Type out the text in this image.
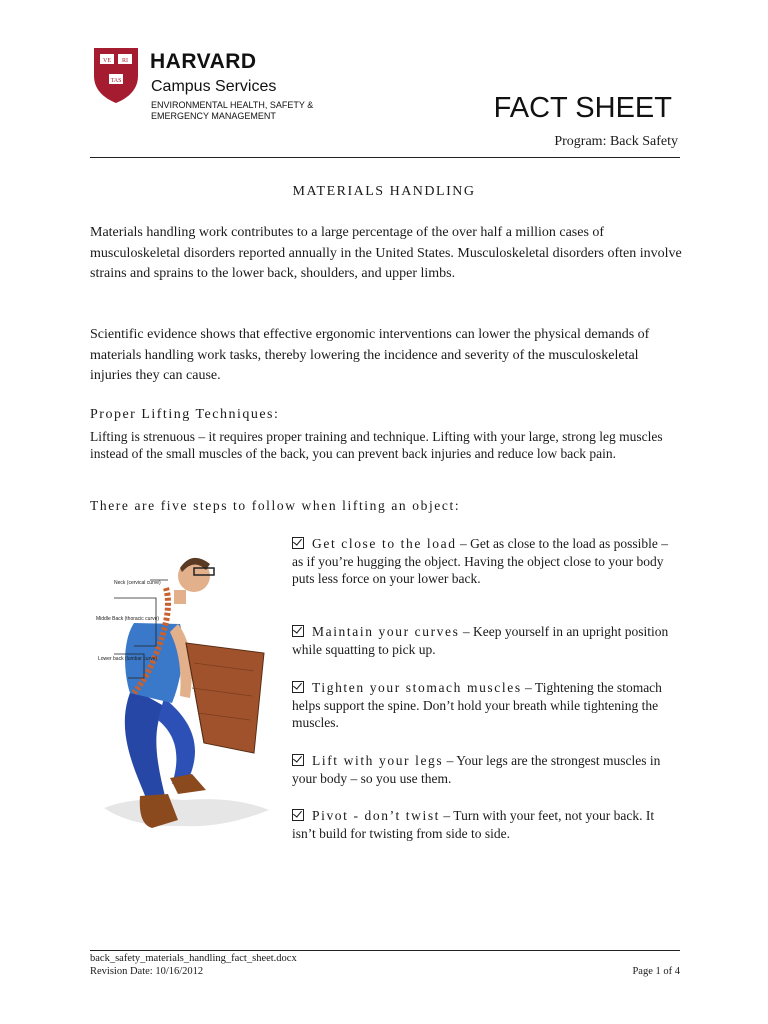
VE RI
TAS
HARVARD
Campus Services
ENVIRONMENTAL HEALTH, SAFETY &
EMERGENCY MANAGEMENT	FACT SHEET
Program: Back Safety
MATERIALS HANDLING
Materials handling work contributes to a large percentage of the over half a million cases of musculoskeletal disorders reported annually in the United States. Musculoskeletal disorders often involve strains and sprains to the lower back, shoulders, and upper limbs.
Scientific evidence shows that effective ergonomic interventions can lower the physical demands of materials handling work tasks, thereby lowering the incidence and severity of the musculoskeletal injuries they can cause.
Proper Lifting Techniques:
Lifting is strenuous – it requires proper training and technique. Lifting with your large, strong leg muscles instead of the small muscles of the back, you can prevent back injuries and reduce low back pain.
There are five steps to follow when lifting an object:
Neck (cervical curve)
Middle Back (thoracic curve)
Lower back (lumbar curve)
Get close to the load – Get as close to the load as possible – as if you’re hugging the object. Having the object close to your body puts less force on your lower back.
Maintain your curves – Keep yourself in an upright position while squatting to pick up.
Tighten your stomach muscles – Tightening the stomach helps support the spine. Don’t hold your breath while tightening the muscles.
Lift with your legs – Your legs are the strongest muscles in your body – so you use them.
Pivot - don’t twist – Turn with your feet, not your back. It isn’t build for twisting from side to side.
back_safety_materials_handling_fact_sheet.docx
Revision Date: 10/16/2012	Page 1 of 4
